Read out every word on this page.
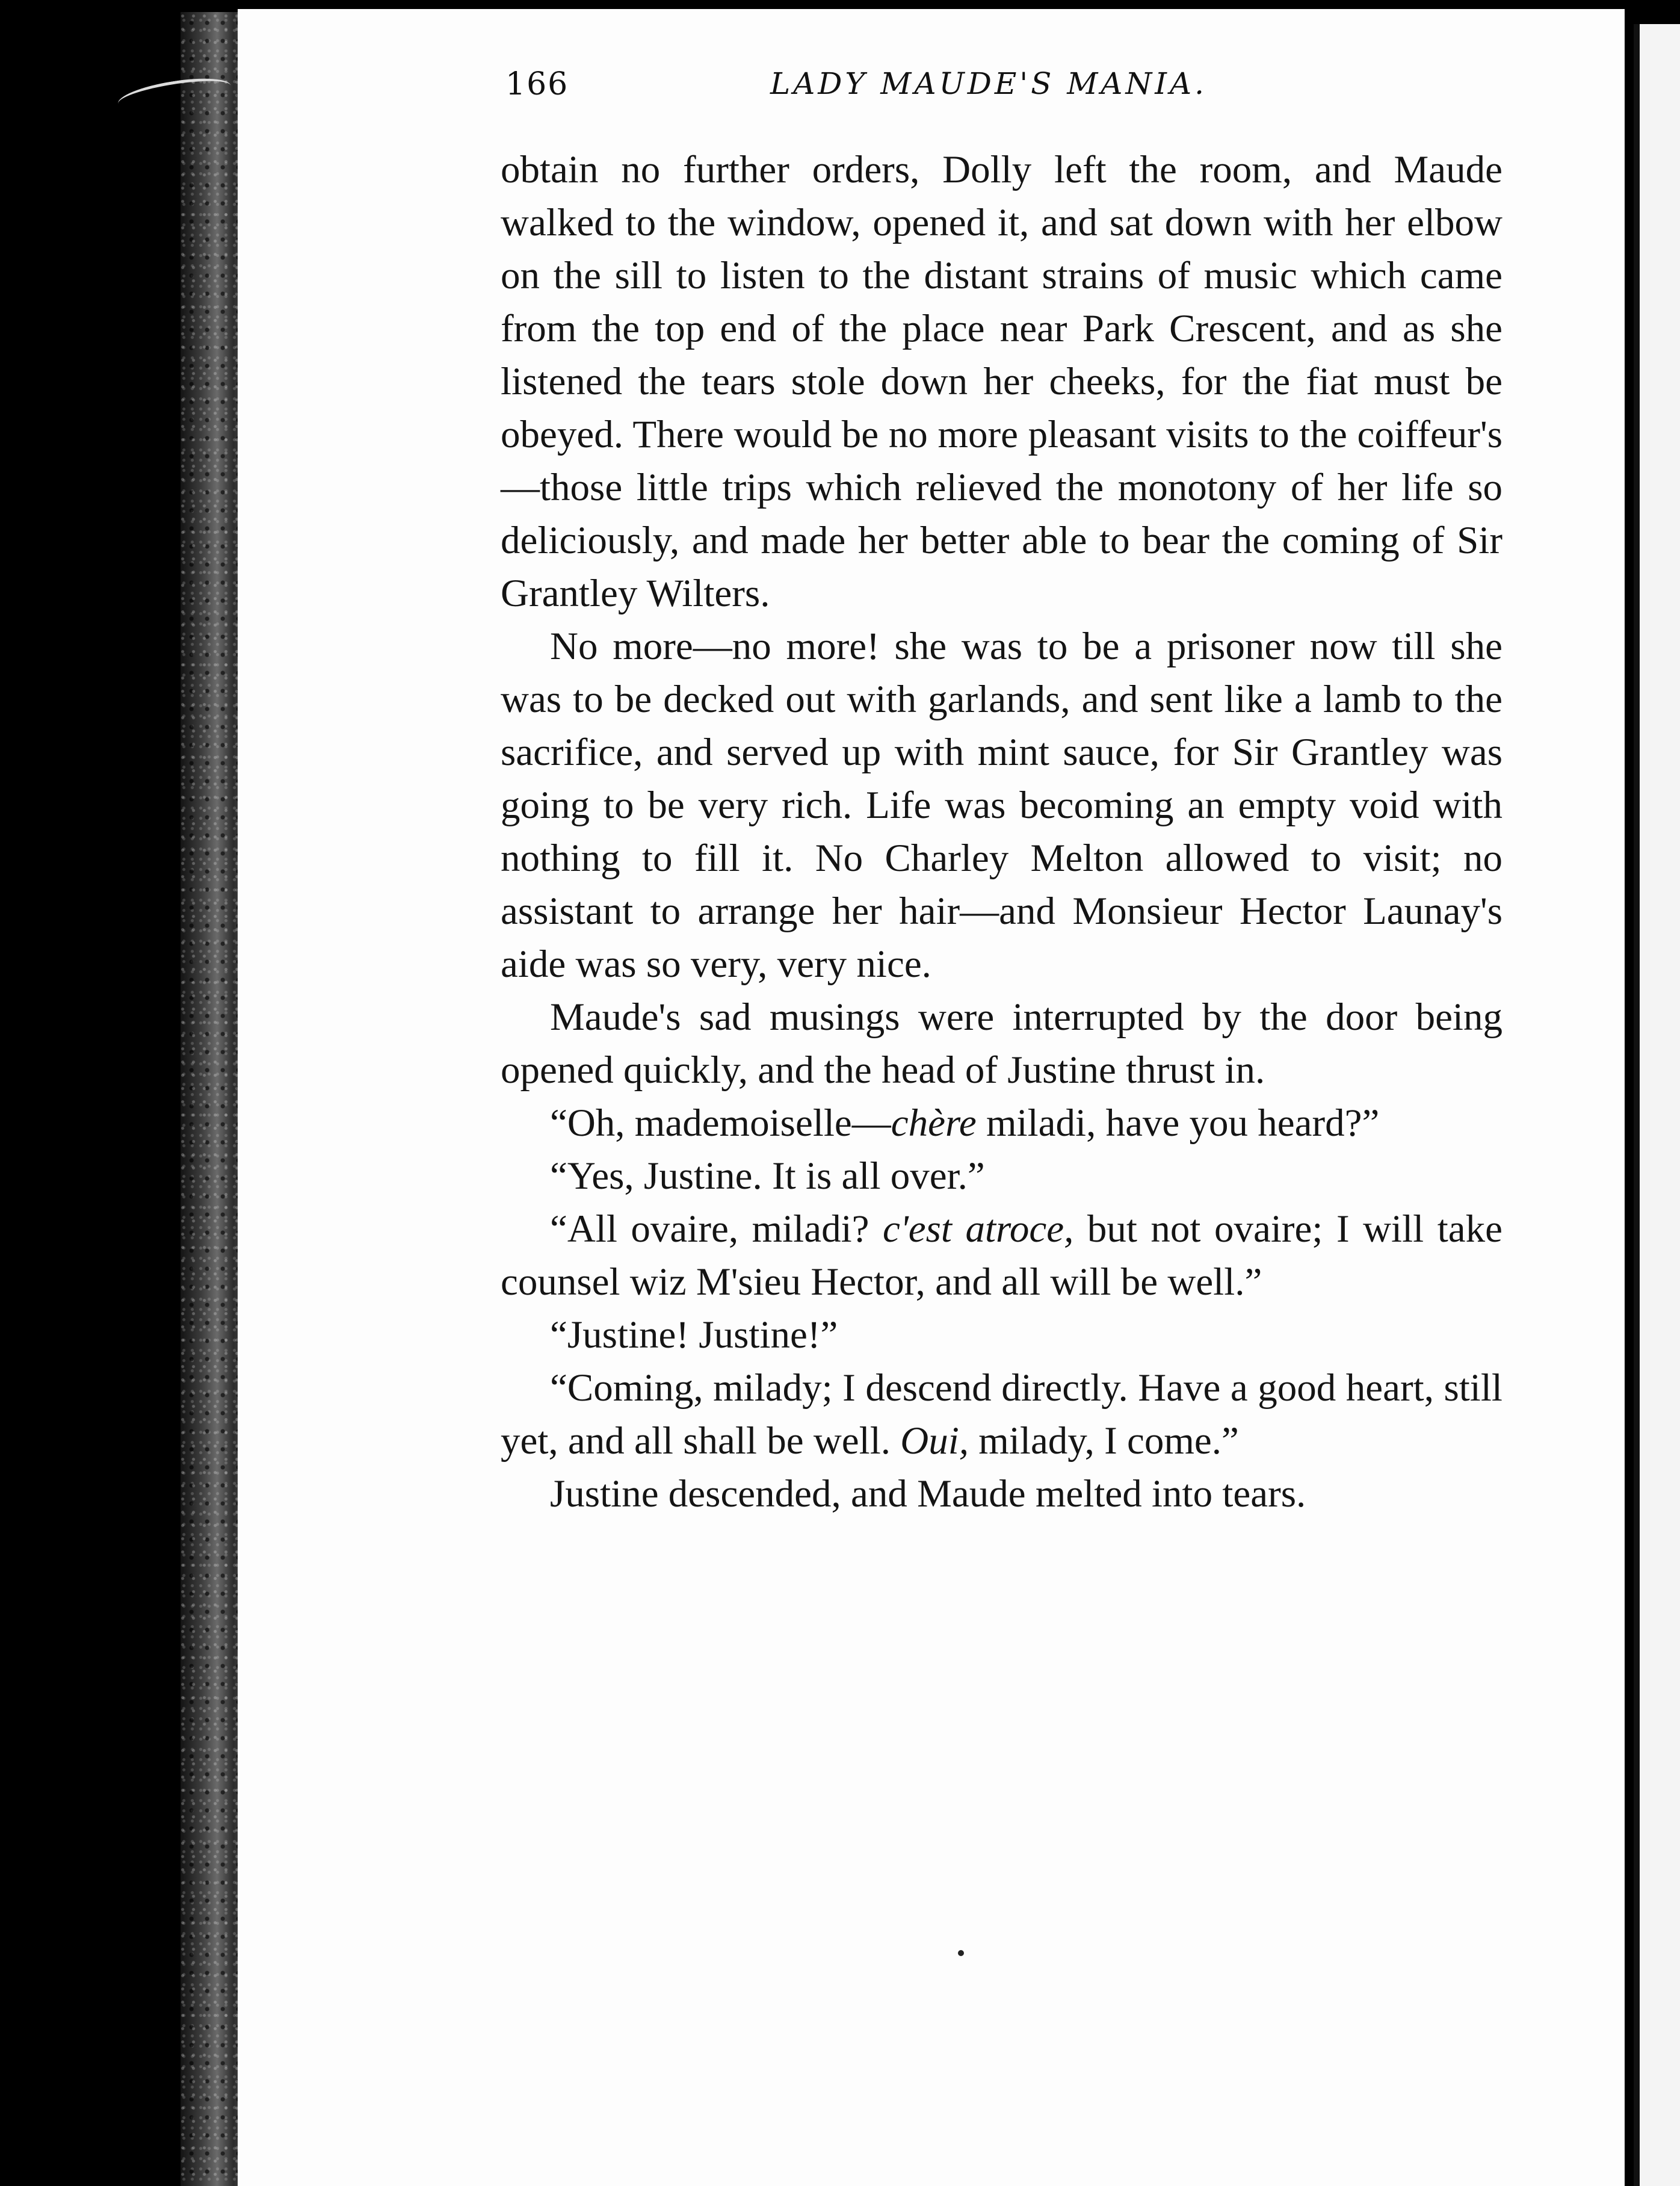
166	LADY MAUDE'S MANIA.

obtain no further orders, Dolly left the room, and Maude walked to the window, opened it, and sat down with her elbow on the sill to listen to the distant strains of music which came from the top end of the place near Park Crescent, and as she listened the tears stole down her cheeks, for the fiat must be obeyed. There would be no more pleasant visits to the coiffeur's—those little trips which relieved the monotony of her life so deliciously, and made her better able to bear the coming of Sir Grantley Wilters.

No more—no more! she was to be a prisoner now till she was to be decked out with garlands, and sent like a lamb to the sacrifice, and served up with mint sauce, for Sir Grantley was going to be very rich. Life was becoming an empty void with nothing to fill it. No Charley Melton allowed to visit; no assistant to arrange her hair—and Monsieur Hector Launay's aide was so very, very nice.

Maude's sad musings were interrupted by the door being opened quickly, and the head of Justine thrust in.

“Oh, mademoiselle—chère miladi, have you heard?”

“Yes, Justine. It is all over.”

“All ovaire, miladi? c'est atroce, but not ovaire; I will take counsel wiz M'sieu Hector, and all will be well.”

“Justine! Justine!”

“Coming, milady; I descend directly. Have a good heart, still yet, and all shall be well. Oui, milady, I come.”

Justine descended, and Maude melted into tears.
